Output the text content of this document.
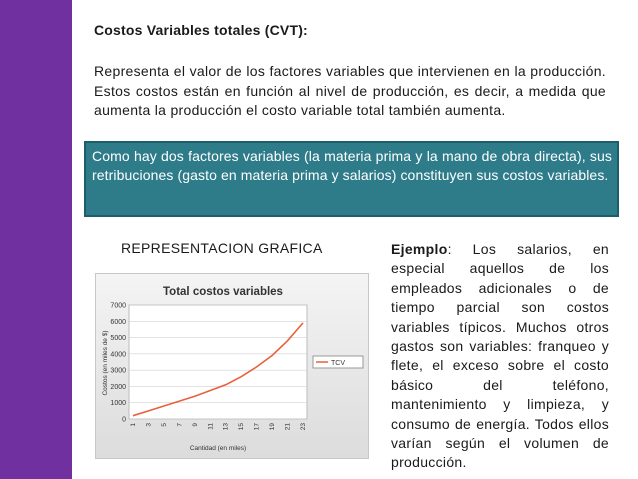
Costos Variables totales (CVT):
Representa el valor de los factores variables que intervienen en la producción. Estos costos están en función al nivel de producción, es decir, a medida que aumenta la producción el costo variable total también aumenta.
Como hay dos factores variables (la materia prima y la mano de obra directa), sus retribuciones (gasto en materia prima y salarios) constituyen sus costos variables.
REPRESENTACION GRAFICA
Total costos variables
0
1000
2000
3000
4000
5000
6000
7000
1 3 5 7 9 11 13 15 17 19 21 23
Costos (en miles de $)
Cantidad (en miles)
TCV
Ejemplo: Los salarios, en especial aquellos de los empleados adicionales o de tiempo parcial son costos variables típicos. Muchos otros gastos son variables: franqueo y flete, el exceso sobre el costo básico del teléfono, mantenimiento y limpieza, y consumo de energía. Todos ellos varían según el volumen de producción.
